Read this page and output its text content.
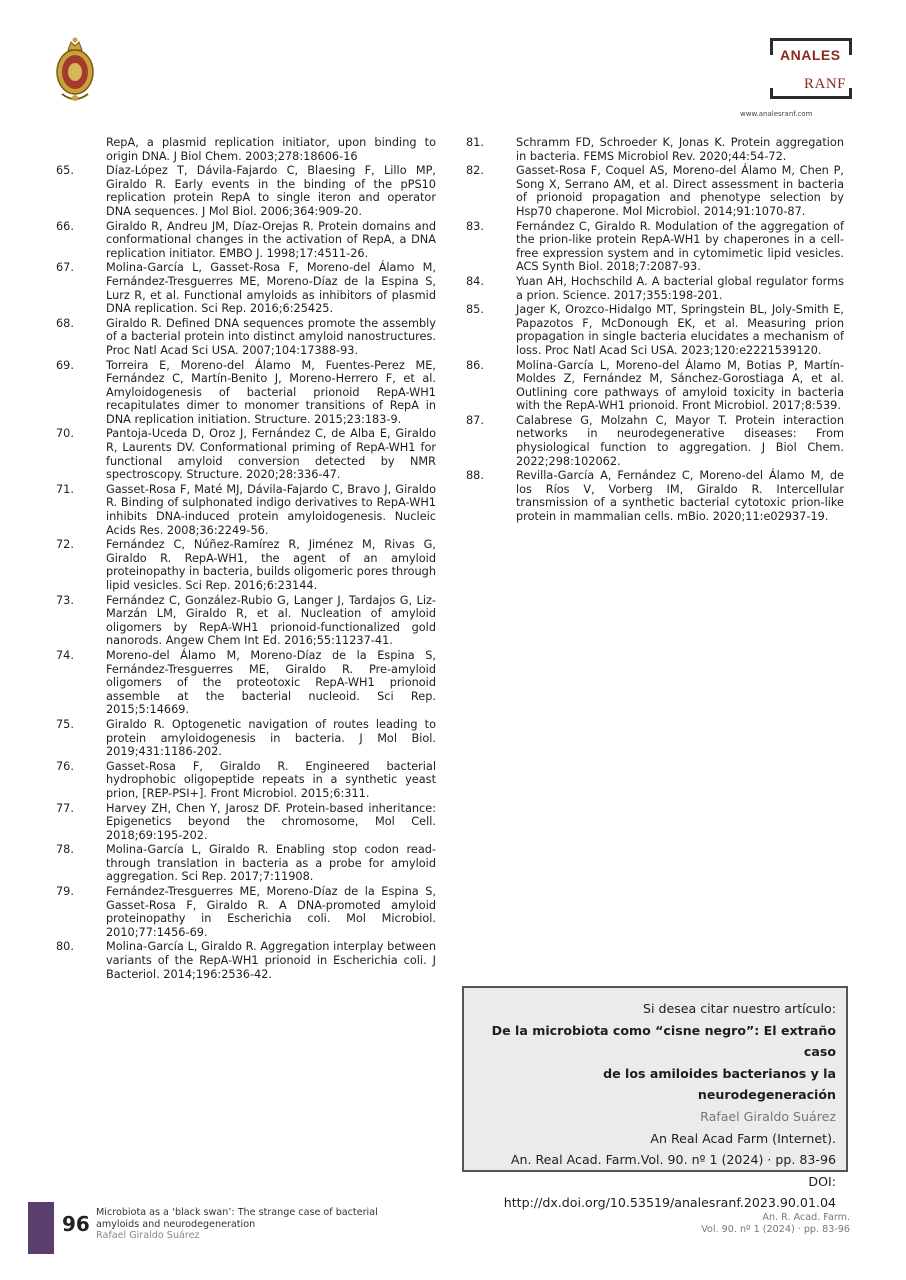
ANALES
RANF
www.analesranf.com
RepA, a plasmid replication initiator, upon binding to origin DNA. J Biol Chem. 2003;278:18606-16
65.	Díaz-López T, Dávila-Fajardo C, Blaesing F, Lillo MP, Giraldo R. Early events in the binding of the pPS10 replication protein RepA to single iteron and operator DNA sequences. J Mol Biol. 2006;364:909-20.
66.	Giraldo R, Andreu JM, Díaz-Orejas R. Protein domains and conformational changes in the activation of RepA, a DNA replication initiator. EMBO J. 1998;17:4511-26.
67.	Molina-García L, Gasset-Rosa F, Moreno-del Álamo M, Fernández-Tresguerres ME, Moreno-Díaz de la Espina S, Lurz R, et al. Functional amyloids as inhibitors of plasmid DNA replication. Sci Rep. 2016;6:25425.
68.	Giraldo R. Defined DNA sequences promote the assembly of a bacterial protein into distinct amyloid nanostructures. Proc Natl Acad Sci USA. 2007;104:17388-93.
69.	Torreira E, Moreno-del Álamo M, Fuentes-Perez ME, Fernández C, Martín-Benito J, Moreno-Herrero F, et al. Amyloidogenesis of bacterial prionoid RepA-WH1 recapitulates dimer to monomer transitions of RepA in DNA replication initiation. Structure. 2015;23:183-9.
70.	Pantoja-Uceda D, Oroz J, Fernández C, de Alba E, Giraldo R, Laurents DV. Conformational priming of RepA-WH1 for functional amyloid conversion detected by NMR spectroscopy. Structure. 2020;28:336-47.
71.	Gasset-Rosa F, Maté MJ, Dávila-Fajardo C, Bravo J, Giraldo R. Binding of sulphonated indigo derivatives to RepA-WH1 inhibits DNA-induced protein amyloidogenesis. Nucleic Acids Res. 2008;36:2249-56.
72.	Fernández C, Núñez-Ramírez R, Jiménez M, Rivas G, Giraldo R. RepA-WH1, the agent of an amyloid proteinopathy in bacteria, builds oligomeric pores through lipid vesicles. Sci Rep. 2016;6:23144.
73.	Fernández C, González-Rubio G, Langer J, Tardajos G, Liz-Marzán LM, Giraldo R, et al. Nucleation of amyloid oligomers by RepA-WH1 prionoid-functionalized gold nanorods. Angew Chem Int Ed. 2016;55:11237-41.
74.	Moreno-del Álamo M, Moreno-Díaz de la Espina S, Fernández-Tresguerres ME, Giraldo R. Pre-amyloid oligomers of the proteotoxic RepA-WH1 prionoid assemble at the bacterial nucleoid. Sci Rep. 2015;5:14669.
75.	Giraldo R. Optogenetic navigation of routes leading to protein amyloidogenesis in bacteria. J Mol Biol. 2019;431:1186-202.
76.	Gasset-Rosa F, Giraldo R. Engineered bacterial hydrophobic oligopeptide repeats in a synthetic yeast prion, [REP-PSI+]. Front Microbiol. 2015;6:311.
77.	Harvey ZH, Chen Y, Jarosz DF. Protein-based inheritance: Epigenetics beyond the chromosome, Mol Cell. 2018;69:195-202.
78.	Molina-García L, Giraldo R. Enabling stop codon read-through translation in bacteria as a probe for amyloid aggregation. Sci Rep. 2017;7:11908.
79.	Fernández-Tresguerres ME, Moreno-Díaz de la Espina S, Gasset-Rosa F, Giraldo R. A DNA-promoted amyloid proteinopathy in Escherichia coli. Mol Microbiol. 2010;77:1456-69.
80.	Molina-García L, Giraldo R. Aggregation interplay between variants of the RepA-WH1 prionoid in Escherichia coli. J Bacteriol. 2014;196:2536-42.
81.	Schramm FD, Schroeder K, Jonas K. Protein aggregation in bacteria. FEMS Microbiol Rev. 2020;44:54-72.
82.	Gasset-Rosa F, Coquel AS, Moreno-del Álamo M, Chen P, Song X, Serrano AM, et al. Direct assessment in bacteria of prionoid propagation and phenotype selection by Hsp70 chaperone. Mol Microbiol. 2014;91:1070-87.
83.	Fernández C, Giraldo R. Modulation of the aggregation of the prion-like protein RepA-WH1 by chaperones in a cell-free expression system and in cytomimetic lipid vesicles. ACS Synth Biol. 2018;7:2087-93.
84.	Yuan AH, Hochschild A. A bacterial global regulator forms a prion. Science. 2017;355:198-201.
85.	Jager K, Orozco-Hidalgo MT, Springstein BL, Joly-Smith E, Papazotos F, McDonough EK, et al. Measuring prion propagation in single bacteria elucidates a mechanism of loss. Proc Natl Acad Sci USA. 2023;120:e2221539120.
86.	Molina-García L, Moreno-del Álamo M, Botias P, Martín-Moldes Z, Fernández M, Sánchez-Gorostiaga A, et al. Outlining core pathways of amyloid toxicity in bacteria with the RepA-WH1 prionoid. Front Microbiol. 2017;8:539.
87.	Calabrese G, Molzahn C, Mayor T. Protein interaction networks in neurodegenerative diseases: From physiological function to aggregation. J Biol Chem. 2022;298:102062.
88.	Revilla-García A, Fernández C, Moreno-del Álamo M, de los Ríos V, Vorberg IM, Giraldo R. Intercellular transmission of a synthetic bacterial cytotoxic prion-like protein in mammalian cells. mBio. 2020;11:e02937-19.
Si desea citar nuestro artículo:
De la microbiota como “cisne negro”: El extraño caso
de los amiloides bacterianos y la neurodegeneración
Rafael Giraldo Suárez
An Real Acad Farm (Internet).
An. Real Acad. Farm.Vol. 90. nº 1 (2024) · pp. 83-96
DOI: http://dx.doi.org/10.53519/analesranf.2023.90.01.04
96 Microbiota as a ‘black swan’: The strange case of bacterial
amyloids and neurodegeneration
Rafael Giraldo Suárez
An. R. Acad. Farm.
Vol. 90. nº 1 (2024) · pp. 83-96
